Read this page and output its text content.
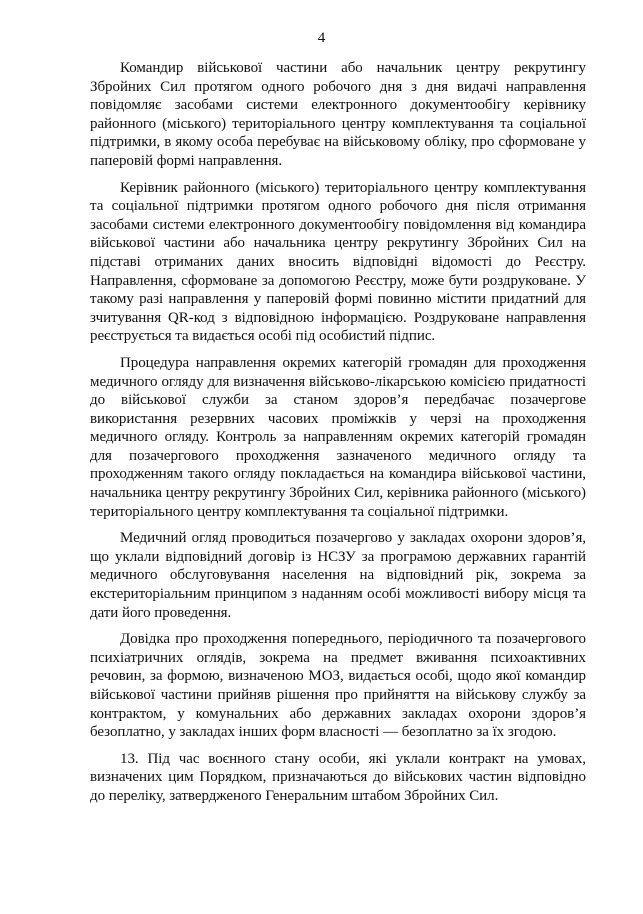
4

Командир військової частини або начальник центру рекрутингу Збройних Сил протягом одного робочого дня з дня видачі направлення повідомляє засобами системи електронного документообігу керівнику районного (міського) територіального центру комплектування та соціальної підтримки, в якому особа перебуває на військовому обліку, про сформоване у паперовій формі направлення.

Керівник районного (міського) територіального центру комплектування та соціальної підтримки протягом одного робочого дня після отримання засобами системи електронного документообігу повідомлення від командира військової частини або начальника центру рекрутингу Збройних Сил на підставі отриманих даних вносить відповідні відомості до Реєстру. Направлення, сформоване за допомогою Реєстру, може бути роздруковане. У такому разі направлення у паперовій формі повинно містити придатний для зчитування QR-код з відповідною інформацією. Роздруковане направлення реєструється та видається особі під особистий підпис.

Процедура направлення окремих категорій громадян для проходження медичного огляду для визначення військово-лікарською комісією придатності до військової служби за станом здоров’я передбачає позачергове використання резервних часових проміжків у черзі на проходження медичного огляду. Контроль за направленням окремих категорій громадян для позачергового проходження зазначеного медичного огляду та проходженням такого огляду покладається на командира військової частини, начальника центру рекрутингу Збройних Сил, керівника районного (міського) територіального центру комплектування та соціальної підтримки.

Медичний огляд проводиться позачергово у закладах охорони здоров’я, що уклали відповідний договір із НСЗУ за програмою державних гарантій медичного обслуговування населення на відповідний рік, зокрема за екстериторіальним принципом з наданням особі можливості вибору місця та дати його проведення.

Довідка про проходження попереднього, періодичного та позачергового психіатричних оглядів, зокрема на предмет вживання психоактивних речовин, за формою, визначеною МОЗ, видається особі, щодо якої командир військової частини прийняв рішення про прийняття на військову службу за контрактом, у комунальних або державних закладах охорони здоров’я безоплатно, у закладах інших форм власності — безоплатно за їх згодою.

13. Під час воєнного стану особи, які уклали контракт на умовах, визначених цим Порядком, призначаються до військових частин відповідно до переліку, затвердженого Генеральним штабом Збройних Сил.
